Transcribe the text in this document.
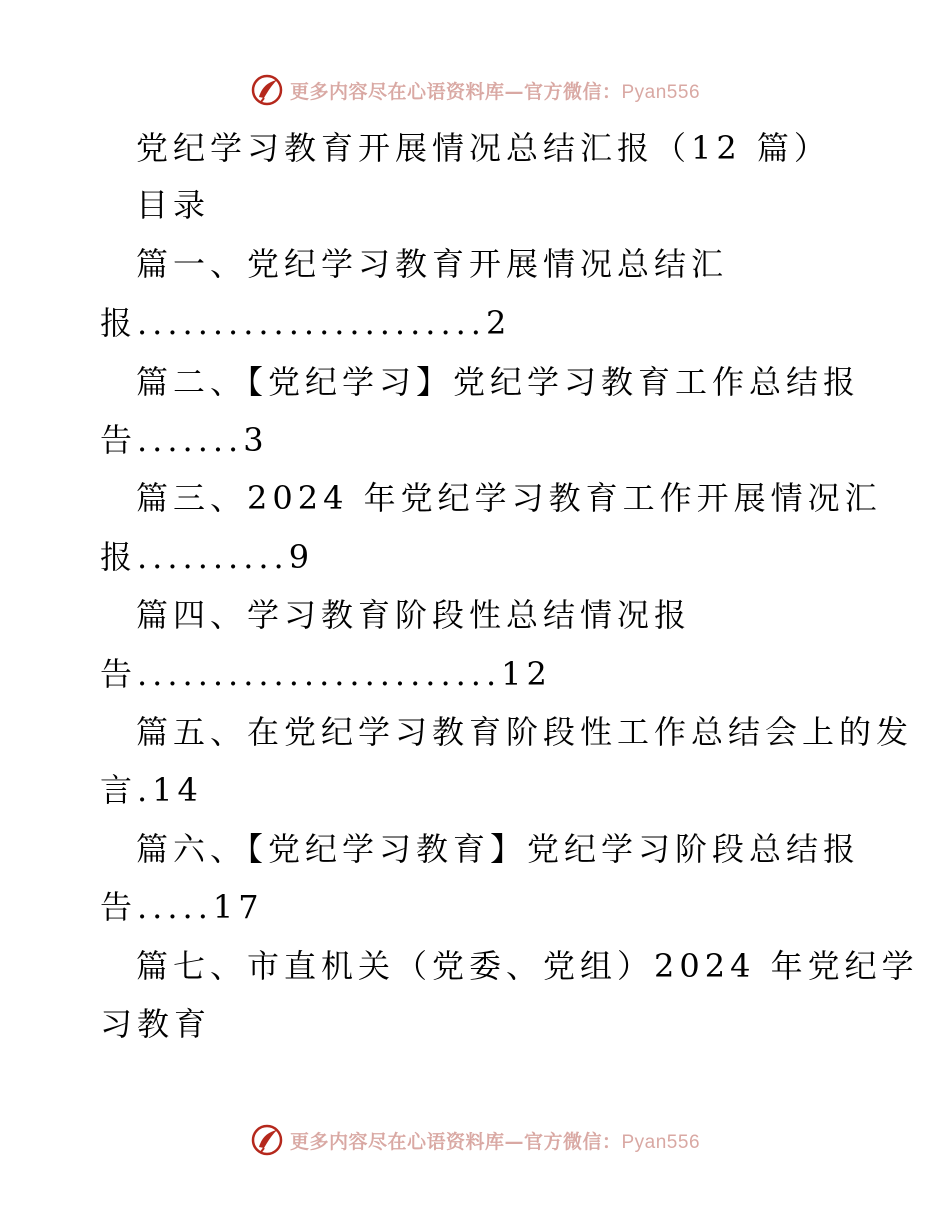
更多内容尽在心语资料库—官方微信：Pyan556

党纪学习教育开展情况总结汇报（12 篇）

目录

篇一、党纪学习教育开展情况总结汇

报.......................2

篇二、【党纪学习】党纪学习教育工作总结报

告.......3

篇三、2024 年党纪学习教育工作开展情况汇

报..........9

篇四、学习教育阶段性总结情况报

告........................12

篇五、在党纪学习教育阶段性工作总结会上的发

言.14

篇六、【党纪学习教育】党纪学习阶段总结报

告.....17

篇七、市直机关（党委、党组）2024 年党纪学

习教育

更多内容尽在心语资料库—官方微信：Pyan556
